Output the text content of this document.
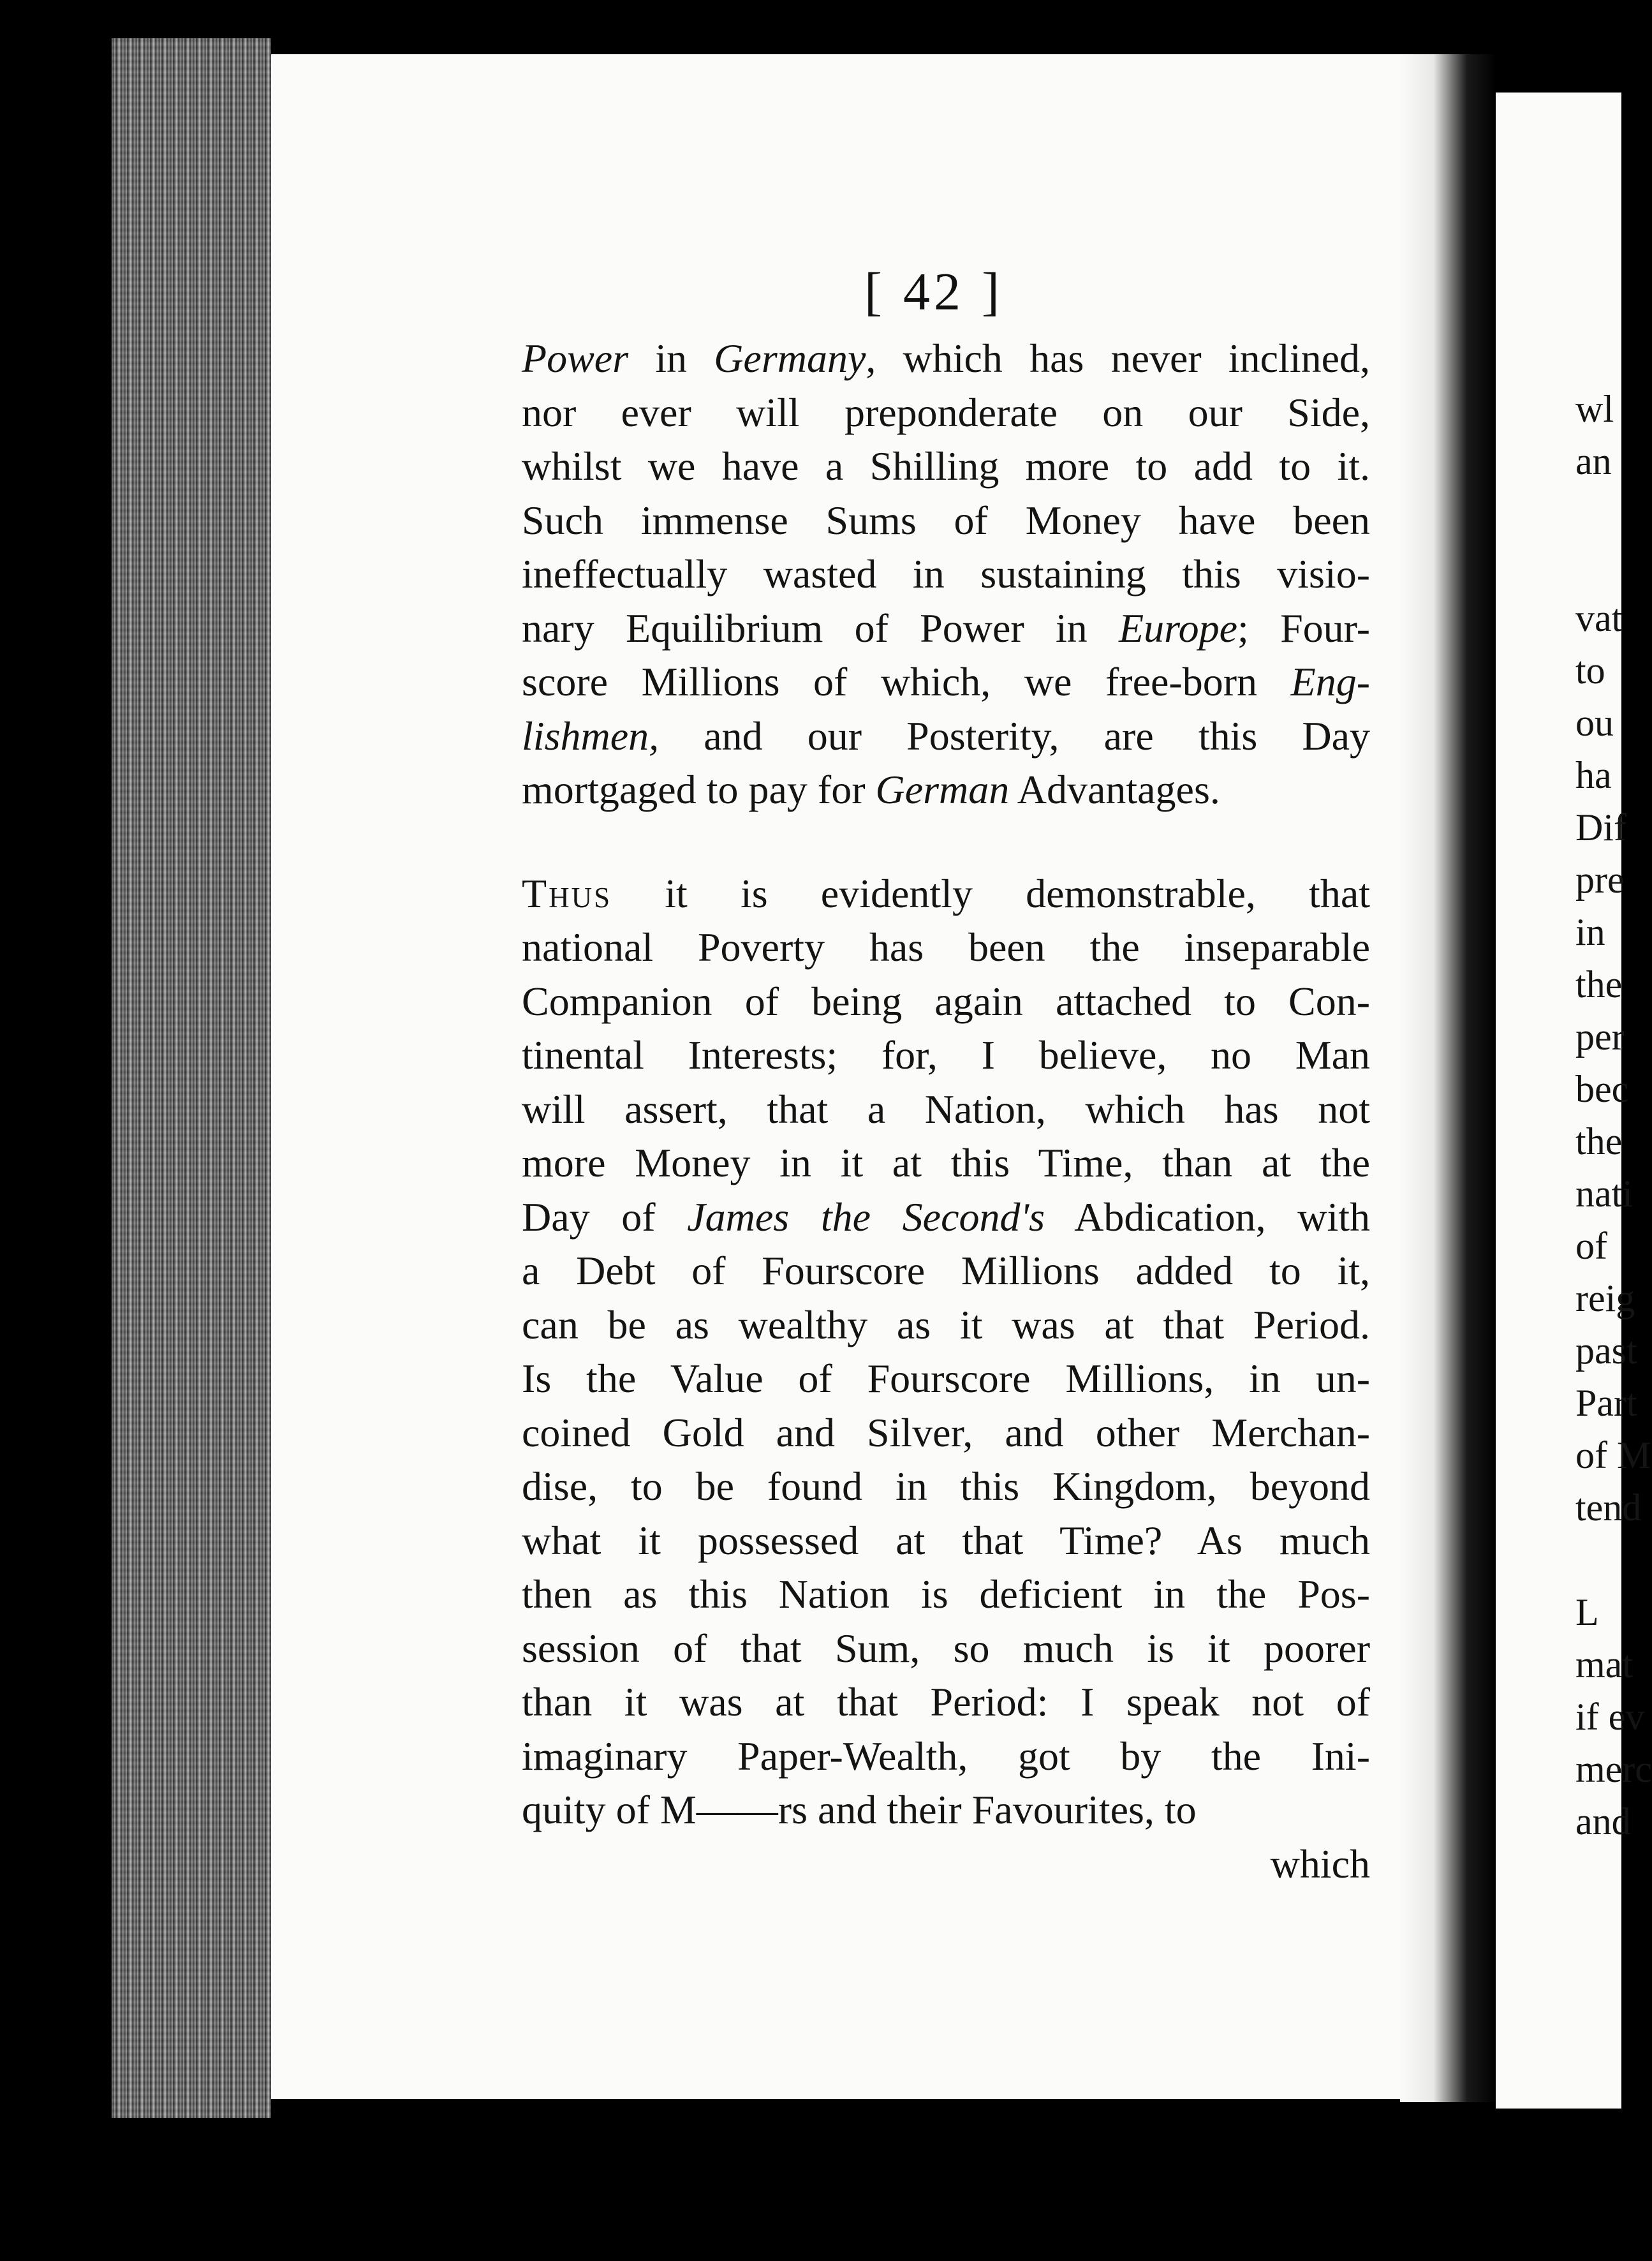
[ 42 ]
Power in Germany, which has never inclined,
nor ever will preponderate on our Side,
whilst we have a Shilling more to add to it.
Such immense Sums of Money have been
ineffectually wasted in sustaining this visio-
nary Equilibrium of Power in Europe; Four-
score Millions of which, we free-born Eng-
lishmen, and our Posterity, are this Day
mortgaged to pay for German Advantages.
Thus it is evidently demonstrable, that
national Poverty has been the inseparable
Companion of being again attached to Con-
tinental Interests; for, I believe, no Man
will assert, that a Nation, which has not
more Money in it at this Time, than at the
Day of James the Second's Abdication, with
a Debt of Fourscore Millions added to it,
can be as wealthy as it was at that Period.
Is the Value of Fourscore Millions, in un-
coined Gold and Silver, and other Merchan-
dise, to be found in this Kingdom, beyond
what it possessed at that Time? As much
then as this Nation is deficient in the Pos-
session of that Sum, so much is it poorer
than it was at that Period: I speak not of
imaginary Paper-Wealth, got by the Ini-
quity of M——rs and their Favourites, to
which
wl
an
vat
to
ou
ha
Dif
pre
in
the
per
bec
the
nati
of
reig
past
Part
of M
tend
L
mat
if ev
merc
and
